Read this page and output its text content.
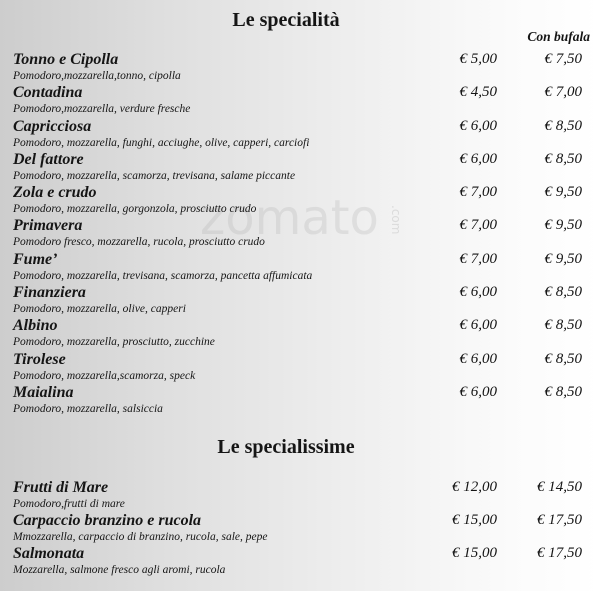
zomato .com
Le specialità
Con bufala
Tonno e Cipolla	€ 5,00	€ 7,50
Pomodoro,mozzarella,tonno, cipolla
Contadina	€ 4,50	€ 7,00
Pomodoro,mozzarella, verdure fresche
Capricciosa	€ 6,00	€ 8,50
Pomodoro, mozzarella, funghi, acciughe, olive, capperi, carciofi
Del fattore	€ 6,00	€ 8,50
Pomodoro, mozzarella, scamorza, trevisana, salame piccante
Zola e crudo	€ 7,00	€ 9,50
Pomodoro, mozzarella, gorgonzola, prosciutto crudo
Primavera	€ 7,00	€ 9,50
Pomodoro fresco, mozzarella, rucola, prosciutto crudo
Fume’	€ 7,00	€ 9,50
Pomodoro, mozzarella, trevisana, scamorza, pancetta affumicata
Finanziera	€ 6,00	€ 8,50
Pomodoro, mozzarella, olive, capperi
Albino	€ 6,00	€ 8,50
Pomodoro, mozzarella, prosciutto, zucchine
Tirolese	€ 6,00	€ 8,50
Pomodoro, mozzarella,scamorza, speck
Maialina	€ 6,00	€ 8,50
Pomodoro, mozzarella, salsiccia
Le specialissime
Frutti di Mare	€ 12,00	€ 14,50
Pomodoro,frutti di mare
Carpaccio branzino e rucola	€ 15,00	€ 17,50
Mmozzarella, carpaccio di branzino, rucola, sale, pepe
Salmonata	€ 15,00	€ 17,50
Mozzarella, salmone fresco agli aromi, rucola
